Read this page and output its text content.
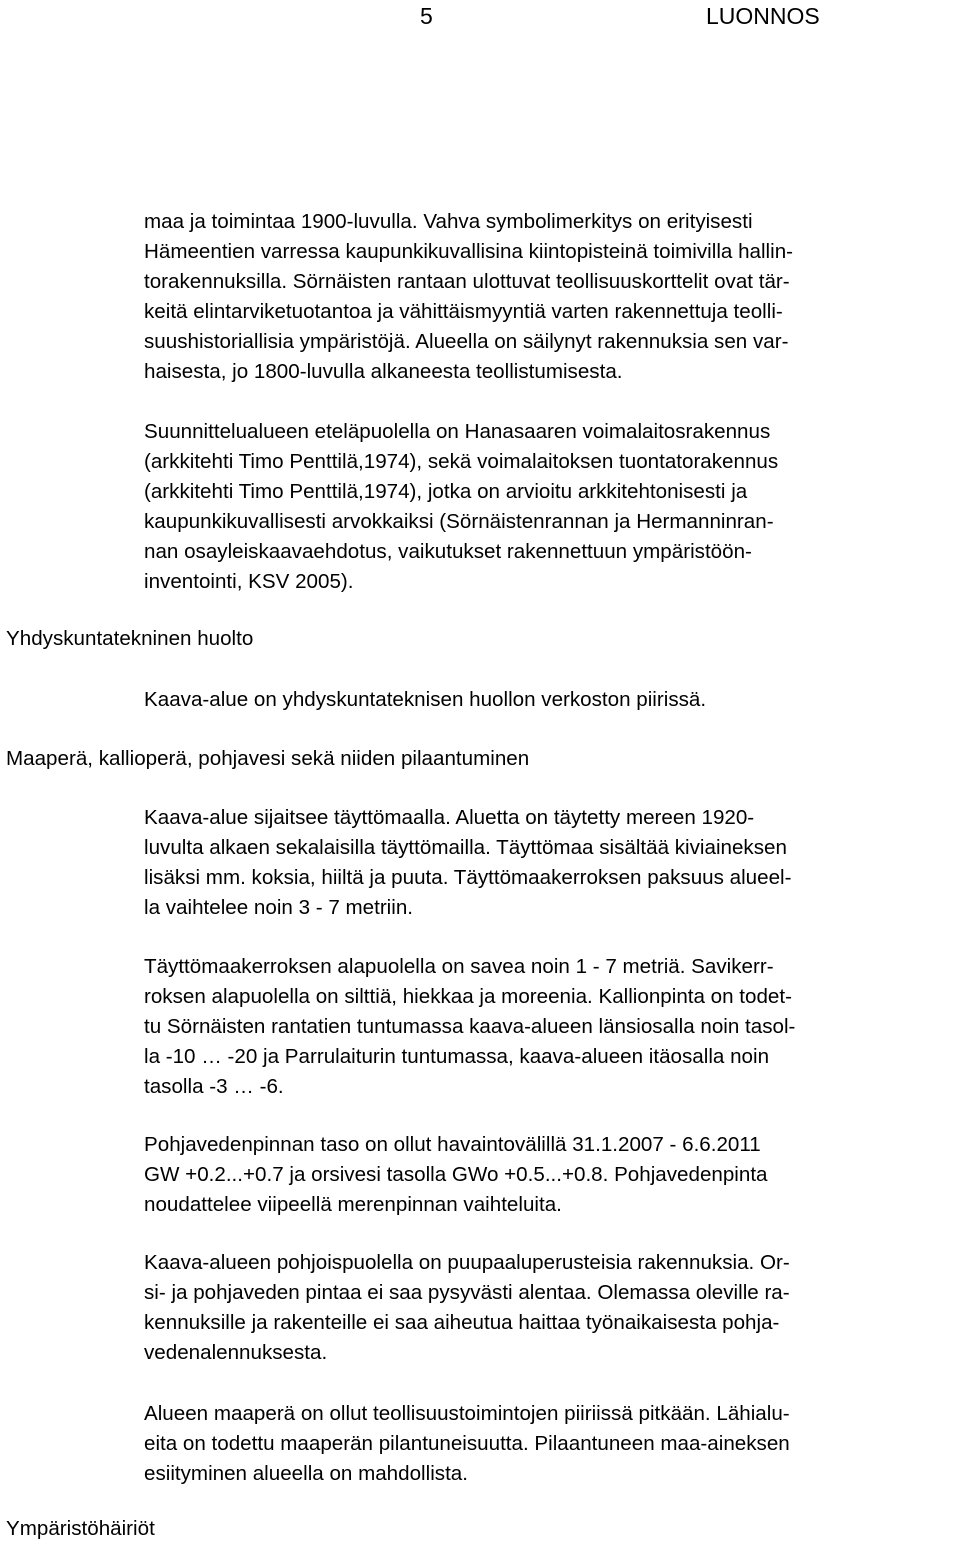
5	LUONNOS
maa ja toimintaa 1900-luvulla. Vahva symbolimerkitys on erityisesti
Hämeentien varressa kaupunkikuvallisina kiintopisteinä toimivilla hallin-
torakennuksilla. Sörnäisten rantaan ulottuvat teollisuuskorttelit ovat tär-
keitä elintarviketuotantoa ja vähittäismyyntiä varten rakennettuja teolli-
suushistoriallisia ympäristöjä. Alueella on säilynyt rakennuksia sen var-
haisesta, jo 1800-luvulla alkaneesta teollistumisesta.
Suunnittelualueen eteläpuolella on Hanasaaren voimalaitosrakennus
(arkkitehti Timo Penttilä,1974), sekä voimalaitoksen tuontatorakennus
(arkkitehti Timo Penttilä,1974), jotka on arvioitu arkkitehtonisesti ja
kaupunkikuvallisesti arvokkaiksi (Sörnäistenrannan ja Hermanninran-
nan osayleiskaavaehdotus, vaikutukset rakennettuun ympäristöön-
inventointi, KSV 2005).
Yhdyskuntatekninen huolto
Kaava-alue on yhdyskuntateknisen huollon verkoston piirissä.
Maaperä, kallioperä, pohjavesi sekä niiden pilaantuminen
Kaava-alue sijaitsee täyttömaalla. Aluetta on täytetty mereen 1920-
luvulta alkaen sekalaisilla täyttömailla. Täyttömaa sisältää kiviaineksen
lisäksi mm. koksia, hiiltä ja puuta. Täyttömaakerroksen paksuus alueel-
la vaihtelee noin 3 - 7 metriin.
Täyttömaakerroksen alapuolella on savea noin 1 - 7 metriä. Savikerr-
roksen alapuolella on silttiä, hiekkaa ja moreenia. Kallionpinta on todet-
tu Sörnäisten rantatien tuntumassa kaava-alueen länsiosalla noin tasol-
la -10 … -20 ja Parrulaiturin tuntumassa, kaava-alueen itäosalla noin
tasolla -3 … -6.
Pohjavedenpinnan taso on ollut havaintovälillä 31.1.2007 - 6.6.2011
GW +0.2...+0.7 ja orsivesi tasolla GWo +0.5...+0.8. Pohjavedenpinta
noudattelee viipeellä merenpinnan vaihteluita.
Kaava-alueen pohjoispuolella on puupaaluperusteisia rakennuksia. Or-
si- ja pohjaveden pintaa ei saa pysyvästi alentaa. Olemassa oleville ra-
kennuksille ja rakenteille ei saa aiheutua haittaa työnaikaisesta pohja-
vedenalennuksesta.
Alueen maaperä on ollut teollisuustoimintojen piiriissä pitkään. Lähialu-
eita on todettu maaperän pilantuneisuutta. Pilaantuneen maa-aineksen
esiityminen alueella on mahdollista.
Ympäristöhäiriöt
